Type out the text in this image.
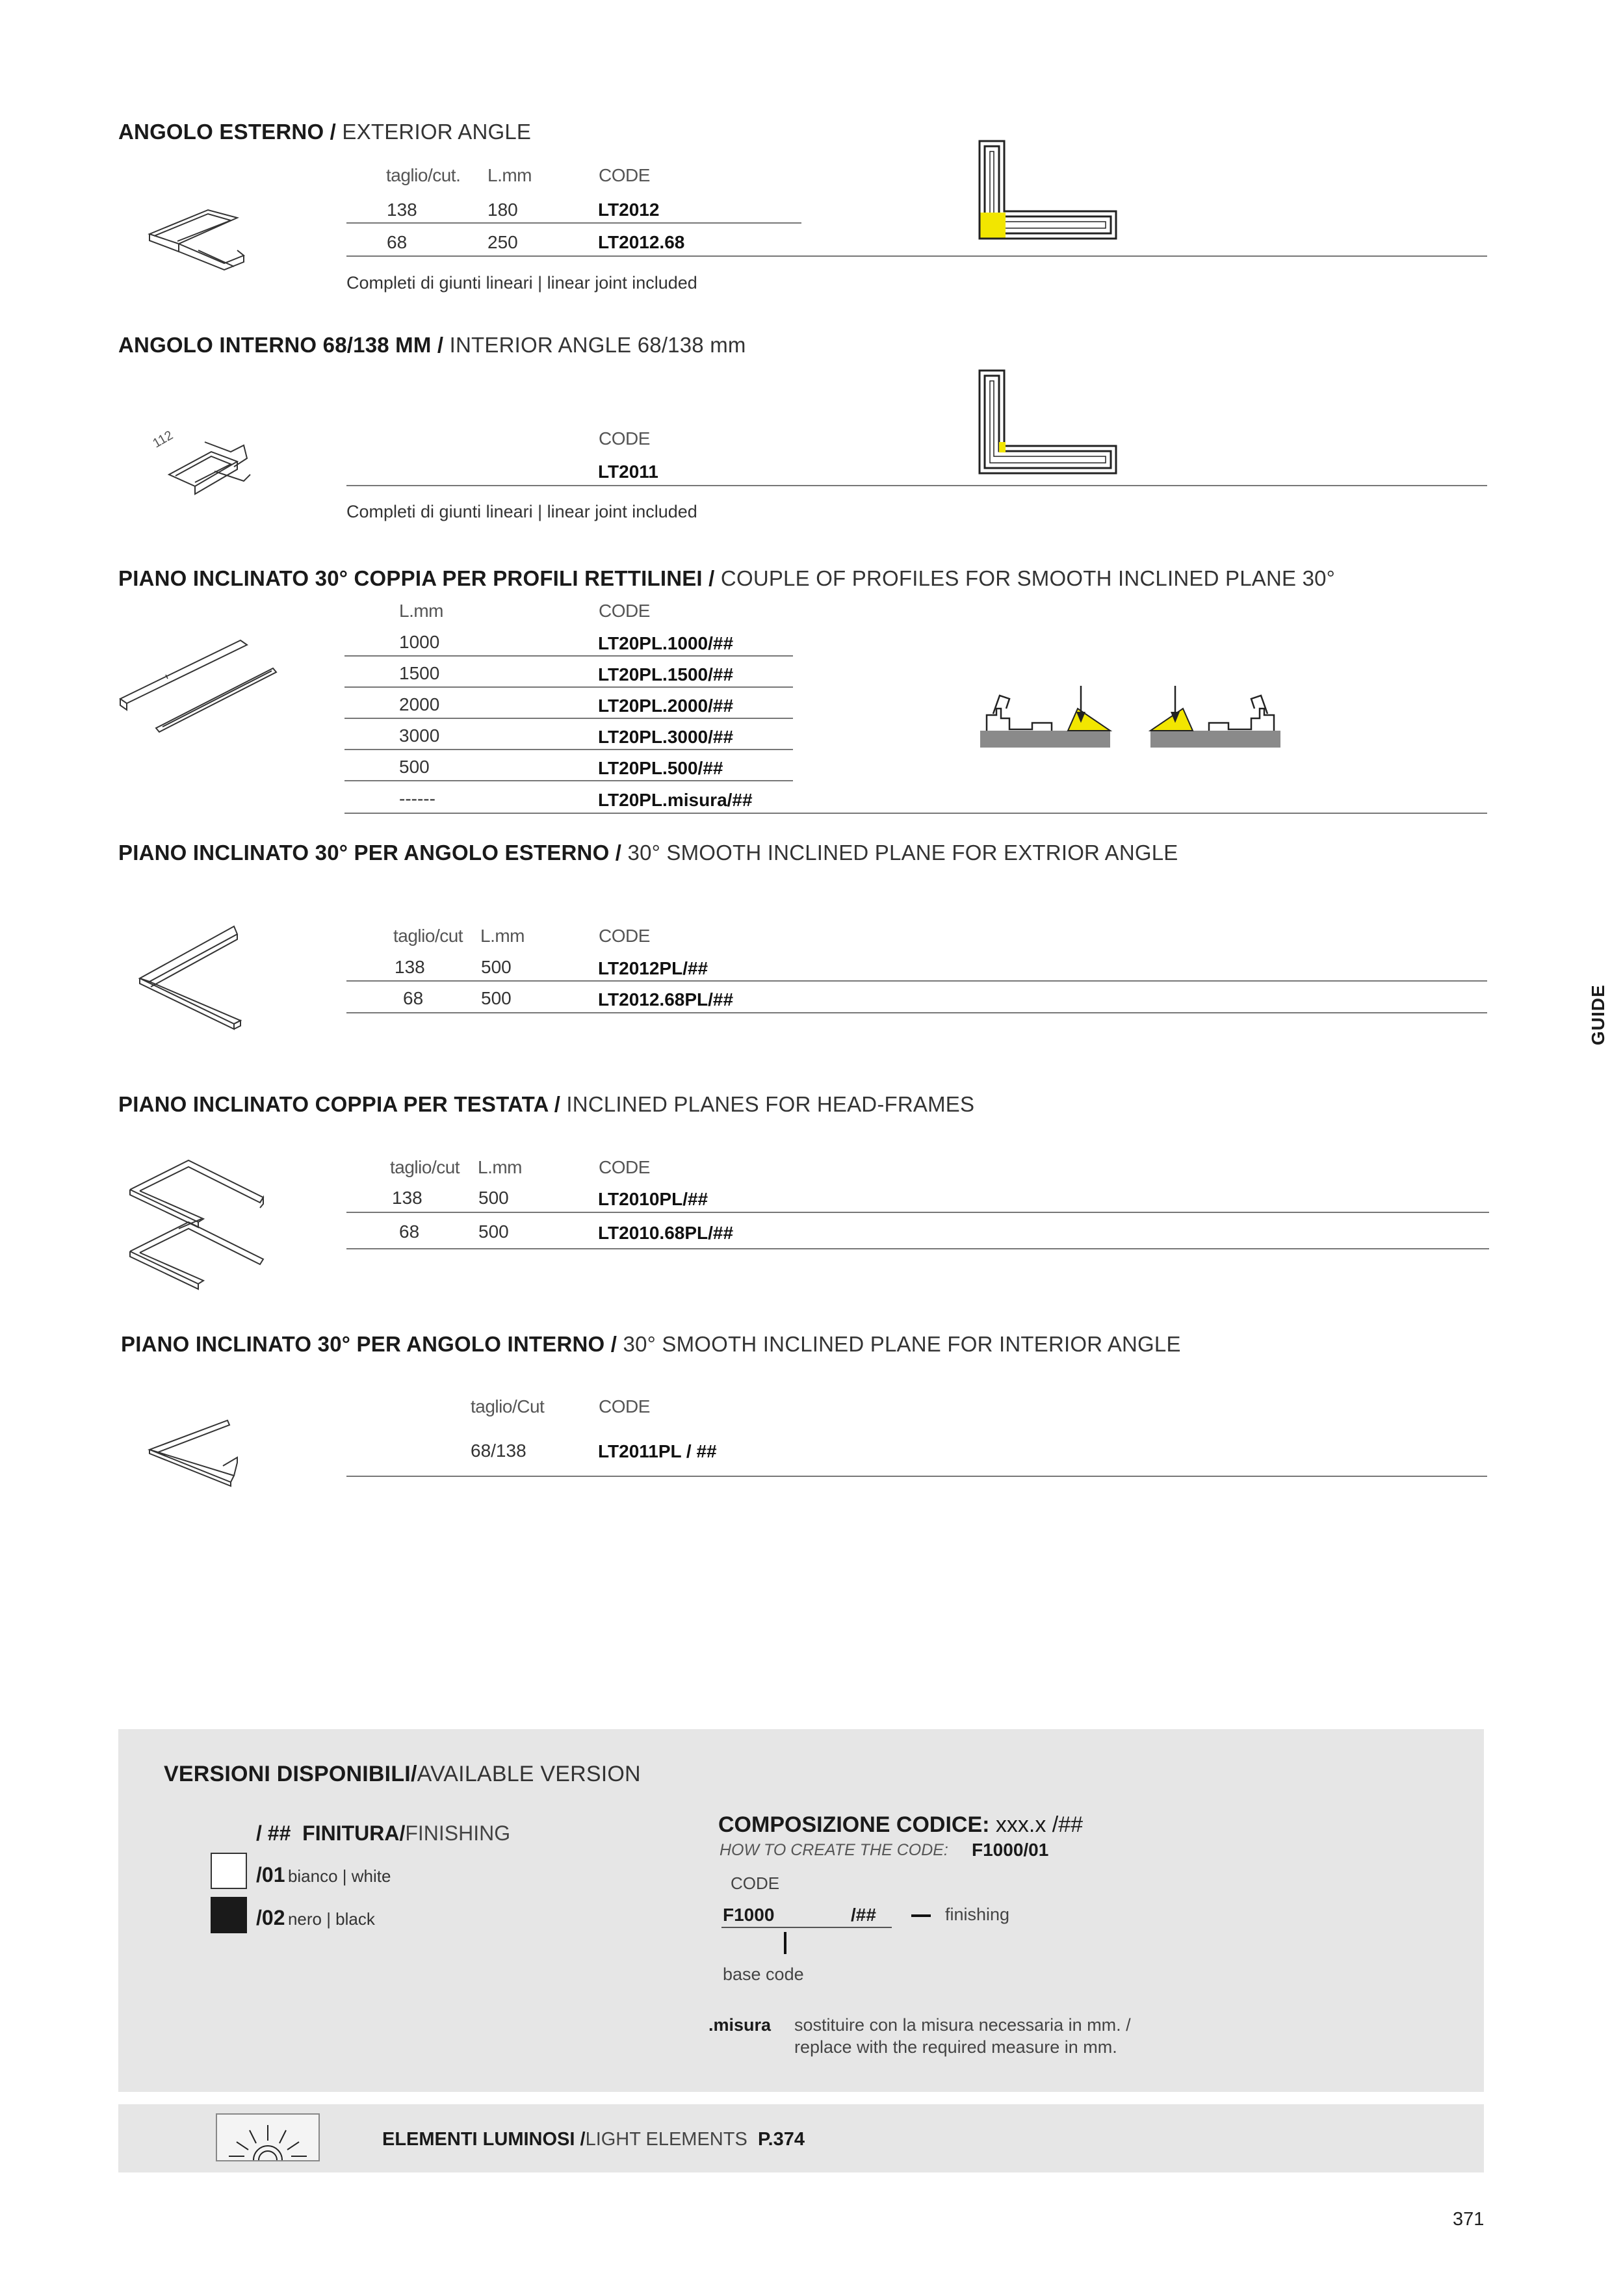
ANGOLO ESTERNO / EXTERIOR ANGLE
taglio/cut. L.mm	CODE
138	180	LT2012
68	250	LT2012.68
Completi di giunti lineari | linear joint included
ANGOLO INTERNO 68/138 MM / INTERIOR ANGLE 68/138 mm
112	CODE
LT2011
Completi di giunti lineari | linear joint included
PIANO INCLINATO 30° COPPIA PER PROFILI RETTILINEI / COUPLE OF PROFILES FOR SMOOTH INCLINED PLANE 30°
L.mm	CODE
1000	LT20PL.1000/##
1500	LT20PL.1500/##
2000	LT20PL.2000/##
3000	LT20PL.3000/##
500	LT20PL.500/##
------	LT20PL.misura/##
PIANO INCLINATO 30° PER ANGOLO ESTERNO / 30° SMOOTH INCLINED PLANE FOR EXTRIOR ANGLE
taglio/cut L.mm	CODE
138	500	LT2012PL/##
68	500	LT2012.68PL/##	GUIDE
PIANO INCLINATO COPPIA PER TESTATA / INCLINED PLANES FOR HEAD-FRAMES
taglio/cut L.mm	CODE
138	500	LT2010PL/##
68	500	LT2010.68PL/##
PIANO INCLINATO 30° PER ANGOLO INTERNO / 30° SMOOTH INCLINED PLANE FOR INTERIOR ANGLE
taglio/Cut	CODE
68/138	LT2011PL / ##
VERSIONI DISPONIBILI/AVAILABLE VERSION
/ ## FINITURA/FINISHING
/01 bianco | white
/02 nero | black
COMPOSIZIONE CODICE: xxx.x /##
HOW TO CREATE THE CODE: F1000/01
CODE
F1000	/##	finishing
base code
.misura sostituire con la misura necessaria in mm. /
replace with the required measure in mm.
ELEMENTI LUMINOSI /LIGHT ELEMENTS P.374
371
